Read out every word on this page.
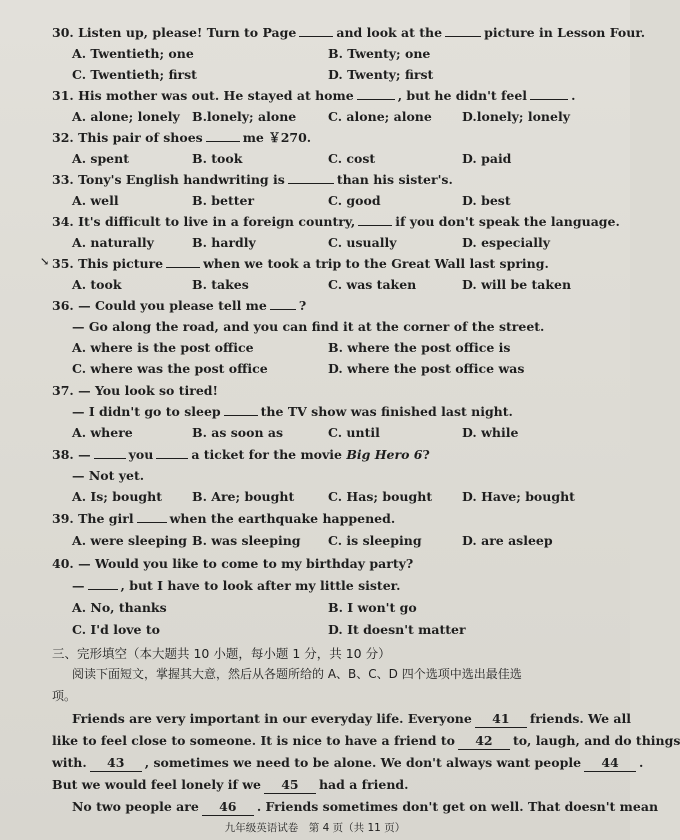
30. Listen up, please! Turn to Page	and look at the	picture in Lesson Four.
A. Twentieth; one	B. Twenty; one
C. Twentieth; first	D. Twenty; first
31. His mother was out. He stayed at home	, but he didn't feel	.
A. alone; lonely B.lonely; alone	C. alone; alone D.lonely; lonely
32. This pair of shoes	me ￥270.
A. spent	B. took	C. cost	D. paid
33. Tony's English handwriting is	than his sister's.
A. well	B. better	C. good	D. best
34. It's difficult to live in a foreign country,	if you don't speak the language.
A. naturally	B. hardly	C. usually	D. especially
↘ 35. This picture	when we took a trip to the Great Wall last spring.
A. took	B. takes	C. was taken	D. will be taken
36. — Could you please tell me	?
— Go along the road, and you can find it at the corner of the street.
A. where is the post office	B. where the post office is
C. where was the post office	D. where the post office was
37. — You look so tired!
— I didn't go to sleep	the TV show was finished last night.
A. where	B. as soon as	C. until	D. while
38. —	you	a ticket for the movie Big Hero 6?
— Not yet.
A. Is; bought B. Are; bought	C. Has; bought D. Have; bought
39. The girl	when the earthquake happened.
A. were sleeping B. was sleeping C. is sleeping	D. are asleep
40. — Would you like to come to my birthday party?
—	, but I have to look after my little sister.
A. No, thanks	B. I won't go
C. I'd love to	D. It doesn't matter
三、完形填空（本大题共 10 小题，每小题 1 分，共 10 分）
阅读下面短文，掌握其大意，然后从各题所给的 A、B、C、D 四个选项中选出最佳选
项。
Friends are very important in our everyday life. Everyone 41 friends. We all
like to feel close to someone. It is nice to have a friend to 42 to, laugh, and do things
with. 43 , sometimes we need to be alone. We don't always want people 44 .
But we would feel lonely if we 45 had a friend.
No two people are 46 . Friends sometimes don't get on well. That doesn't mean
九年级英语试卷　第 4 页（共 11 页）
